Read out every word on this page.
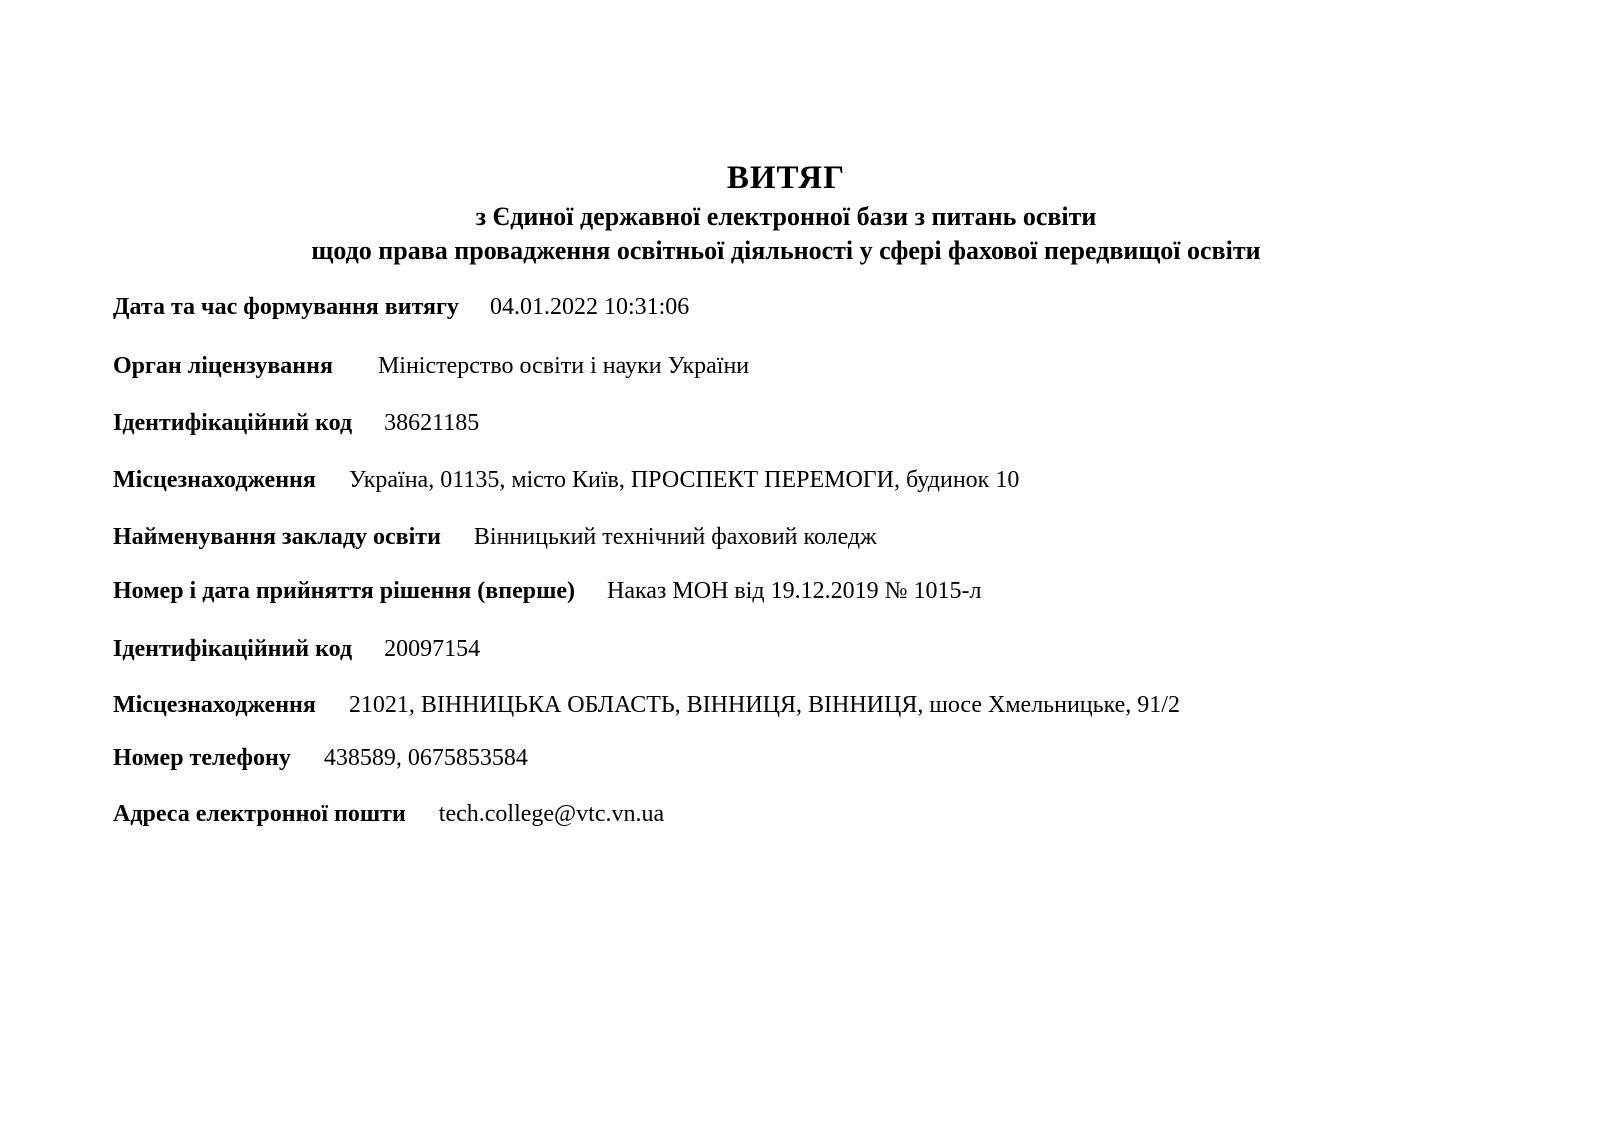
ВИТЯГ
з Єдиної державної електронної бази з питань освіти
щодо права провадження освітньої діяльності у сфері фахової передвищої освіти
Дата та час формування витягу 04.01.2022 10:31:06
Орган ліцензування Міністерство освіти і науки України
Ідентифікаційний код 38621185
Місцезнаходження Україна, 01135, місто Київ, ПРОСПЕКТ ПЕРЕМОГИ, будинок 10
Найменування закладу освіти Вінницький технічний фаховий коледж
Номер і дата прийняття рішення (вперше) Наказ МОН від 19.12.2019 № 1015-л
Ідентифікаційний код 20097154
Місцезнаходження 21021, ВІННИЦЬКА ОБЛАСТЬ, ВІННИЦЯ, ВІННИЦЯ, шосе Хмельницьке, 91/2
Номер телефону 438589, 0675853584
Адреса електронної пошти tech.college@vtc.vn.ua
